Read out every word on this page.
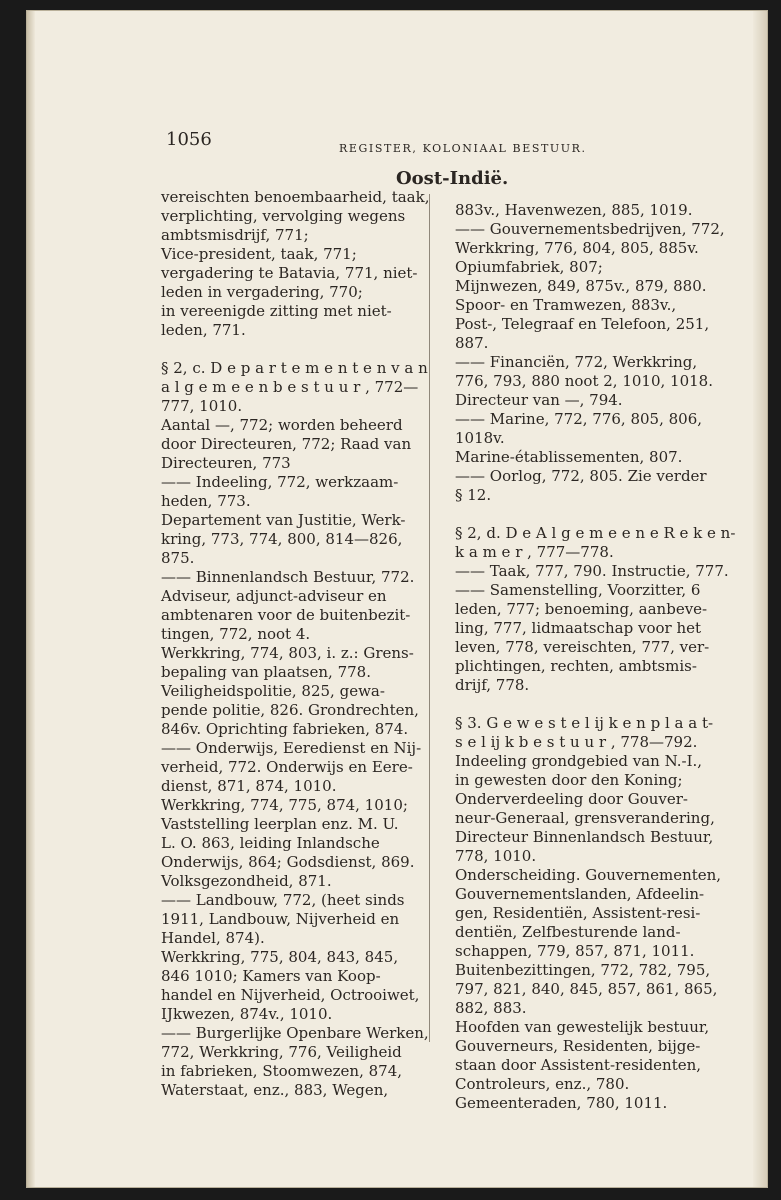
1056	REGISTER, KOLONIAAL BESTUUR.
Oost-Indië.
vereischten benoembaarheid, taak,
verplichting, vervolging wegens
ambtsmisdrijf, 771;
Vice-president, taak, 771;
vergadering te Batavia, 771, niet-
leden in vergadering, 770;
in vereenigde zitting met niet-
leden, 771.
§ 2, c. D e p a r t e m e n t e n v a n
a l g e m e e n b e s t u u r , 772—
777, 1010.
Aantal —, 772; worden beheerd
door Directeuren, 772; Raad van
Directeuren, 773
—— Indeeling, 772, werkzaam-
heden, 773.
Departement van Justitie, Werk-
kring, 773, 774, 800, 814—826,
875.
—— Binnenlandsch Bestuur, 772.
Adviseur, adjunct-adviseur en
ambtenaren voor de buitenbezit-
tingen, 772, noot 4.
Werkkring, 774, 803, i. z.: Grens-
bepaling van plaatsen, 778.
Veiligheidspolitie, 825, gewa-
pende politie, 826. Grondrechten,
846v. Oprichting fabrieken, 874.
—— Onderwijs, Eeredienst en Nij-
verheid, 772. Onderwijs en Eere-
dienst, 871, 874, 1010.
Werkkring, 774, 775, 874, 1010;
Vaststelling leerplan enz. M. U.
L. O. 863, leiding Inlandsche
Onderwijs, 864; Godsdienst, 869.
Volksgezondheid, 871.
—— Landbouw, 772, (heet sinds
1911, Landbouw, Nijverheid en
Handel, 874).
Werkkring, 775, 804, 843, 845,
846 1010; Kamers van Koop-
handel en Nijverheid, Octrooiwet,
IJkwezen, 874v., 1010.
—— Burgerlijke Openbare Werken,
772, Werkkring, 776, Veiligheid
in fabrieken, Stoomwezen, 874,
Waterstaat, enz., 883, Wegen,
883v., Havenwezen, 885, 1019.
—— Gouvernementsbedrijven, 772,
Werkkring, 776, 804, 805, 885v.
Opiumfabriek, 807;
Mijnwezen, 849, 875v., 879, 880.
Spoor- en Tramwezen, 883v.,
Post-, Telegraaf en Telefoon, 251,
887.
—— Financiën, 772, Werkkring,
776, 793, 880 noot 2, 1010, 1018.
Directeur van —, 794.
—— Marine, 772, 776, 805, 806,
1018v.
Marine-établissementen, 807.
—— Oorlog, 772, 805. Zie verder
§ 12.
§ 2, d. D e A l g e m e e n e R e k e n-
k a m e r , 777—778.
—— Taak, 777, 790. Instructie, 777.
—— Samenstelling, Voorzitter, 6
leden, 777; benoeming, aanbeve-
ling, 777, lidmaatschap voor het
leven, 778, vereischten, 777, ver-
plichtingen, rechten, ambtsmis-
drijf, 778.
§ 3. G e w e s t e l ij k e n p l a a t-
s e l ij k b e s t u u r , 778—792.
Indeeling grondgebied van N.-I.,
in gewesten door den Koning;
Onderverdeeling door Gouver-
neur-Generaal, grensverandering,
Directeur Binnenlandsch Bestuur,
778, 1010.
Onderscheiding. Gouvernementen,
Gouvernementslanden, Afdeelin-
gen, Residentiën, Assistent-resi-
dentiën, Zelfbesturende land-
schappen, 779, 857, 871, 1011.
Buitenbezittingen, 772, 782, 795,
797, 821, 840, 845, 857, 861, 865,
882, 883.
Hoofden van gewestelijk bestuur,
Gouverneurs, Residenten, bijge-
staan door Assistent-residenten,
Controleurs, enz., 780.
Gemeenteraden, 780, 1011.
